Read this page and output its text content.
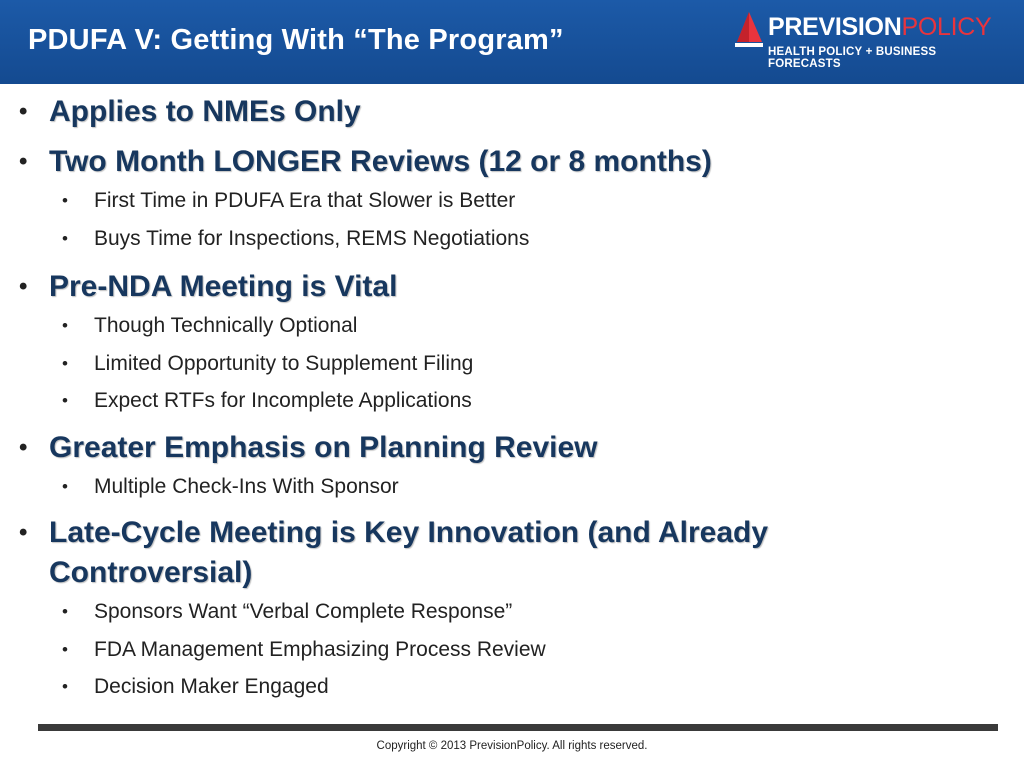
PDUFA V: Getting With “The Program”	PREVISIONPOLICY
HEALTH POLICY + BUSINESS FORECASTS
• Applies to NMEs Only
• Two Month LONGER Reviews (12 or 8 months)
• First Time in PDUFA Era that Slower is Better
• Buys Time for Inspections, REMS Negotiations
• Pre-NDA Meeting is Vital
• Though Technically Optional
• Limited Opportunity to Supplement Filing
• Expect RTFs for Incomplete Applications
• Greater Emphasis on Planning Review
• Multiple Check-Ins With Sponsor
• Late-Cycle Meeting is Key Innovation (and Already Controversial)
• Sponsors Want “Verbal Complete Response”
• FDA Management Emphasizing Process Review
• Decision Maker Engaged
Copyright © 2013 PrevisionPolicy. All rights reserved.
